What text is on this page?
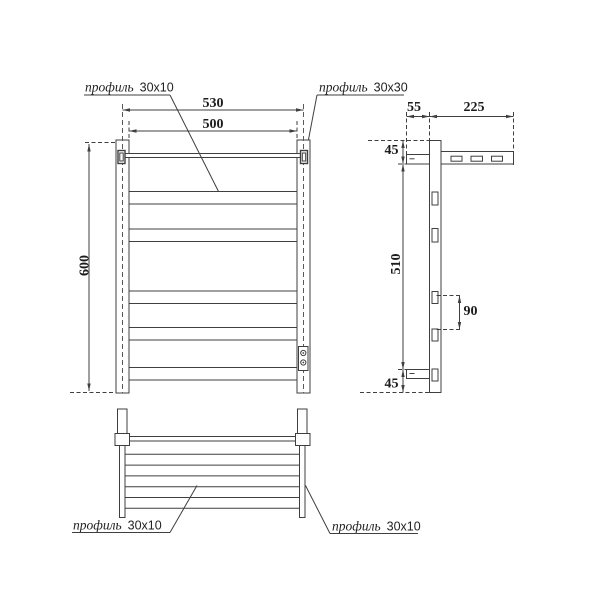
530
500
600
55	225
45
510
90
45
профиль 30x10	профиль 30x30
профиль 30x10	профиль 30x10
